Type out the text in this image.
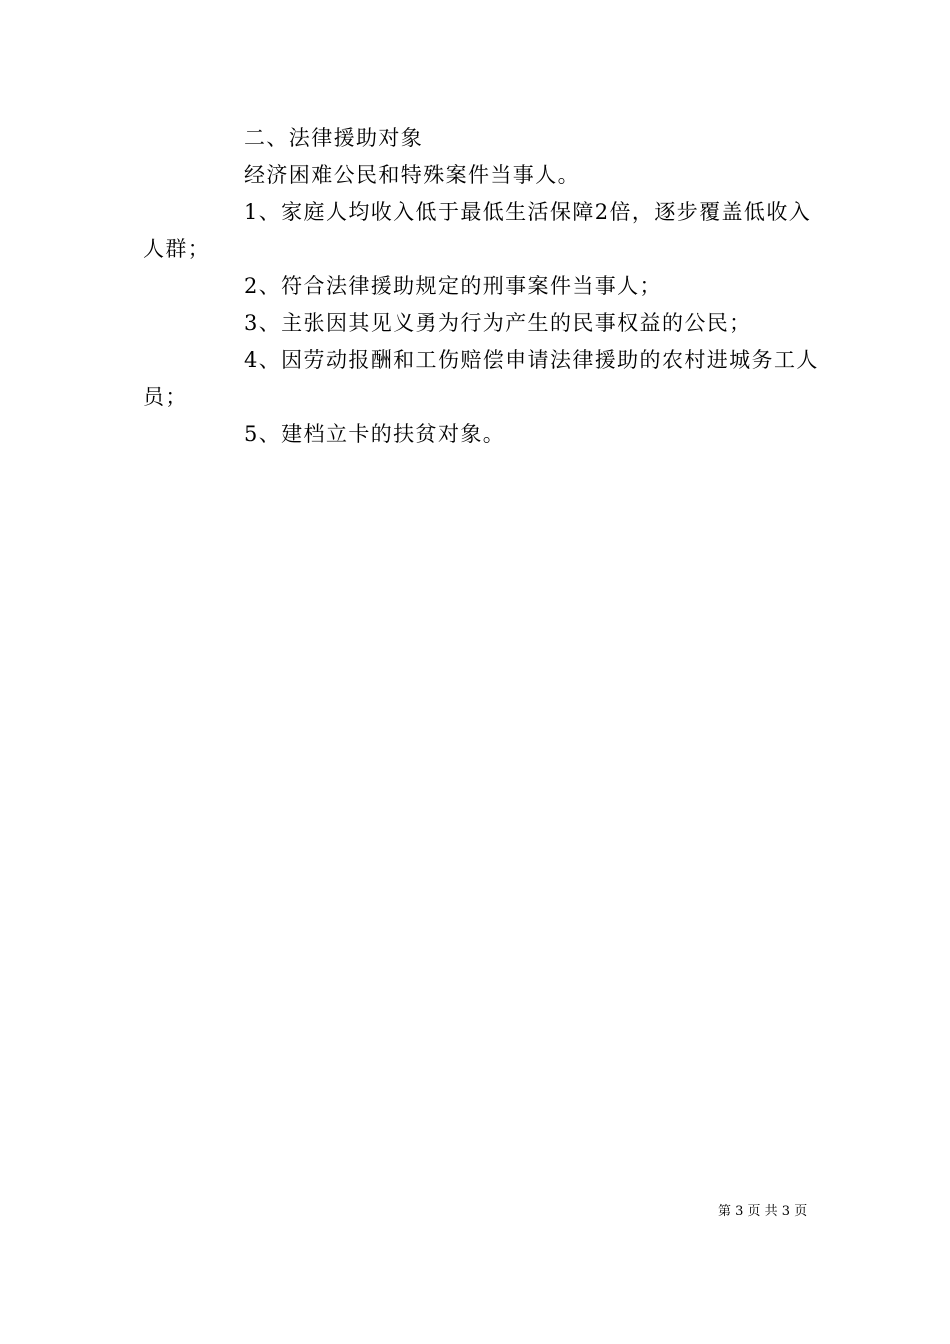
二、法律援助对象

经济困难公民和特殊案件当事人。

1、家庭人均收入低于最低生活保障2倍，逐步覆盖低收入人群；

2、符合法律援助规定的刑事案件当事人；

3、主张因其见义勇为行为产生的民事权益的公民；

4、因劳动报酬和工伤赔偿申请法律援助的农村进城务工人员；

5、建档立卡的扶贫对象。

第 3 页 共 3 页
